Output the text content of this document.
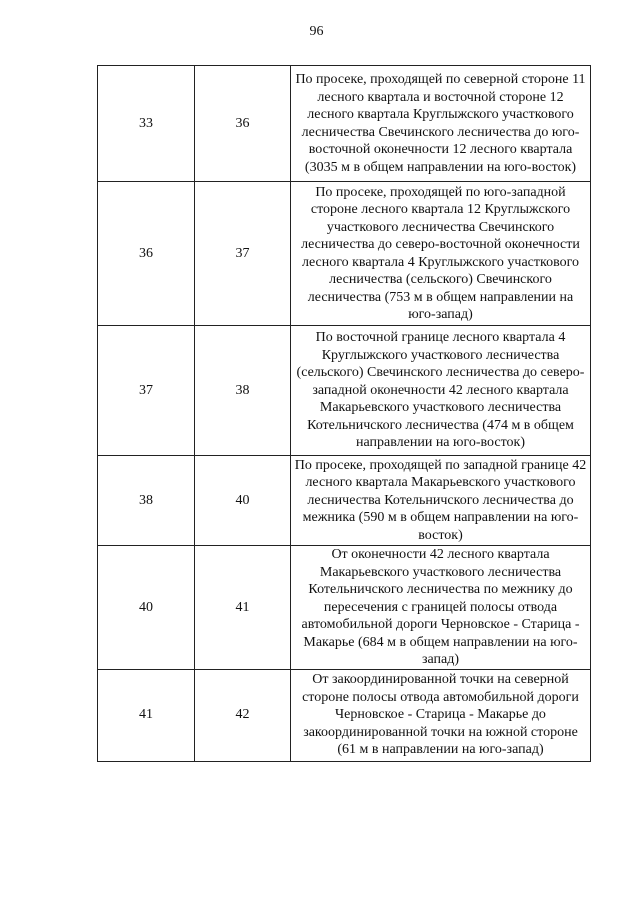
96
33	36	По просеке, проходящей по северной стороне 11 лесного квартала и восточной стороне 12 лесного квартала Круглыжского участкового лесничества Свечинского лесничества до юго-восточной оконечности 12 лесного квартала (3035 м в общем направлении на юго-восток)

36	37	По просеке, проходящей по юго-западной стороне лесного квартала 12 Круглыжского участкового лесничества Свечинского лесничества до северо-восточной оконечности лесного квартала 4 Круглыжского участкового лесничества (сельского) Свечинского лесничества (753 м в общем направлении на юго-запад)

37	38	По восточной границе лесного квартала 4 Круглыжского участкового лесничества (сельского) Свечинского лесничества до северо-западной оконечности 42 лесного квартала Макарьевского участкового лесничества Котельничского лесничества (474 м в общем направлении на юго-восток)

38	40	По просеке, проходящей по западной границе 42 лесного квартала Макарьевского участкового лесничества Котельничского лесничества до межника (590 м в общем направлении на юго-восток)

40	41	От оконечности 42 лесного квартала Макарьевского участкового лесничества Котельничского лесничества по межнику до пересечения с границей полосы отвода автомобильной дороги Черновское - Старица - Макарье (684 м в общем направлении на юго-запад)

41	42	От закоординированной точки на северной стороне полосы отвода автомобильной дороги Черновское - Старица - Макарье до закоординированной точки на южной стороне (61 м в направлении на юго-запад)
